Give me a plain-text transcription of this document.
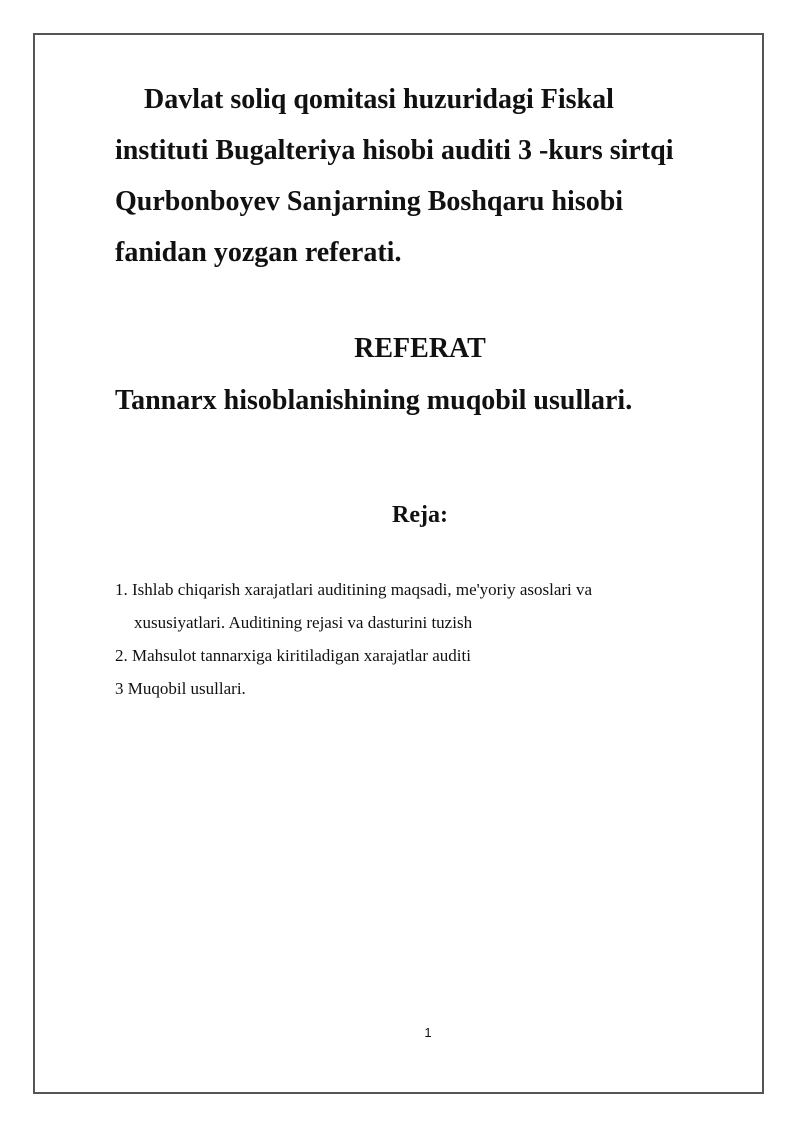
Davlat soliq qomitasi huzuridagi Fiskal
instituti Bugalteriya hisobi auditi 3 -kurs sirtqi
Qurbonboyev Sanjarning Boshqaru hisobi
fanidan yozgan referati.

REFERAT
Tannarx hisoblanishining muqobil usullari.
Reja:
1. Ishlab chiqarish xarajatlari auditining maqsadi, me'yoriy asoslari va
xususiyatlari. Auditining rejasi va dasturini tuzish
2. Mahsulot tannarxiga kiritiladigan xarajatlar auditi
3 Muqobil usullari.
1
